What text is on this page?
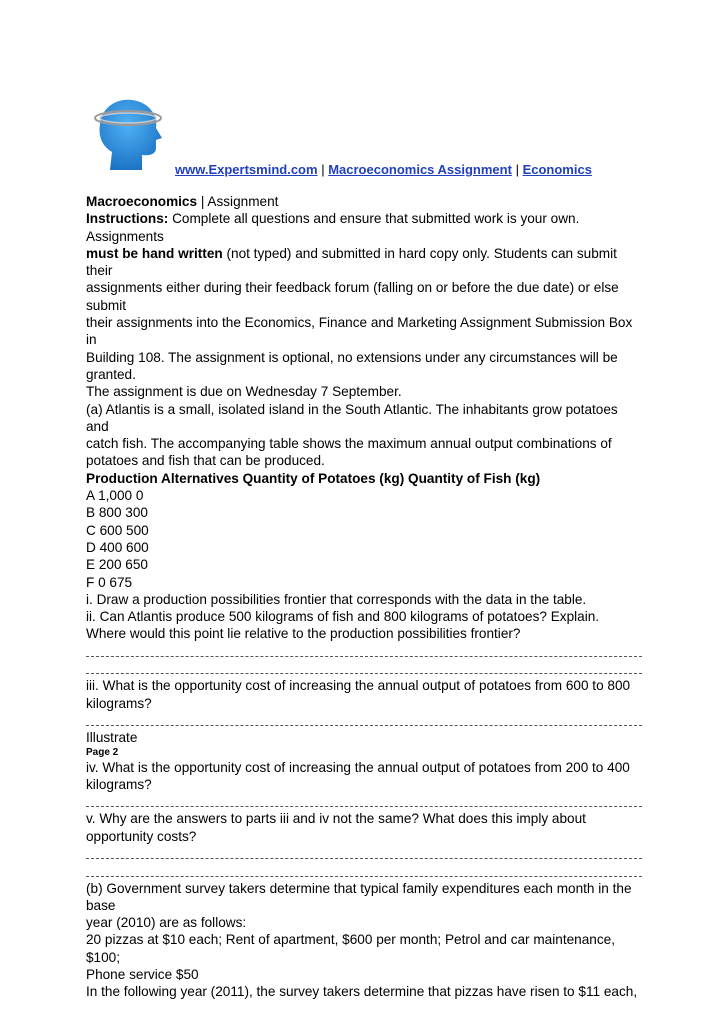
www.Expertsmind.com | Macroeconomics Assignment | Economics
Macroeconomics | Assignment
Instructions: Complete all questions and ensure that submitted work is your own.
Assignments
must be hand written (not typed) and submitted in hard copy only. Students can submit
their
assignments either during their feedback forum (falling on or before the due date) or else
submit
their assignments into the Economics, Finance and Marketing Assignment Submission Box
in
Building 108. The assignment is optional, no extensions under any circumstances will be
granted.
The assignment is due on Wednesday 7 September.
(a) Atlantis is a small, isolated island in the South Atlantic. The inhabitants grow potatoes
and
catch fish. The accompanying table shows the maximum annual output combinations of
potatoes and fish that can be produced.
Production Alternatives Quantity of Potatoes (kg) Quantity of Fish (kg)
A 1,000 0
B 800 300
C 600 500
D 400 600
E 200 650
F 0 675
i. Draw a production possibilities frontier that corresponds with the data in the table.
ii. Can Atlantis produce 500 kilograms of fish and 800 kilograms of potatoes? Explain.
Where would this point lie relative to the production possibilities frontier?
iii. What is the opportunity cost of increasing the annual output of potatoes from 600 to 800
kilograms?
Illustrate
Page 2
iv. What is the opportunity cost of increasing the annual output of potatoes from 200 to 400
kilograms?
v. Why are the answers to parts iii and iv not the same? What does this imply about
opportunity costs?
(b) Government survey takers determine that typical family expenditures each month in the
base
year (2010) are as follows:
20 pizzas at $10 each; Rent of apartment, $600 per month; Petrol and car maintenance,
$100;
Phone service $50
In the following year (2011), the survey takers determine that pizzas have risen to $11 each,
